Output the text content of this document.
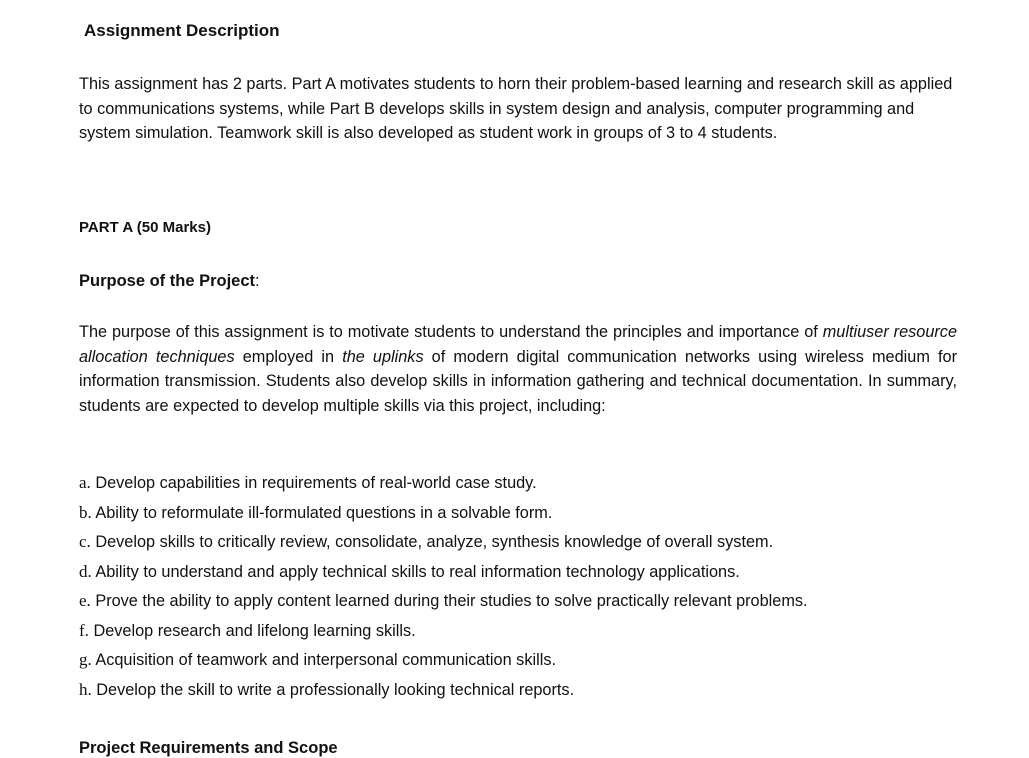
Assignment Description

This assignment has 2 parts. Part A motivates students to horn their problem-based learning and research skill as applied to communications systems, while Part B develops skills in system design and analysis, computer programming and system simulation. Teamwork skill is also developed as student work in groups of 3 to 4 students.

PART A (50 Marks)
Purpose of the Project:

The purpose of this assignment is to motivate students to understand the principles and importance of multiuser resource allocation techniques employed in the uplinks of modern digital communication networks using wireless medium for information transmission. Students also develop skills in information gathering and technical documentation. In summary, students are expected to develop multiple skills via this project, including:

a. Develop capabilities in requirements of real-world case study.
b. Ability to reformulate ill-formulated questions in a solvable form.
c. Develop skills to critically review, consolidate, analyze, synthesis knowledge of overall system.
d. Ability to understand and apply technical skills to real information technology applications.
e. Prove the ability to apply content learned during their studies to solve practically relevant problems.
f. Develop research and lifelong learning skills.
g. Acquisition of teamwork and interpersonal communication skills.
h. Develop the skill to write a professionally looking technical reports.
Project Requirements and Scope
